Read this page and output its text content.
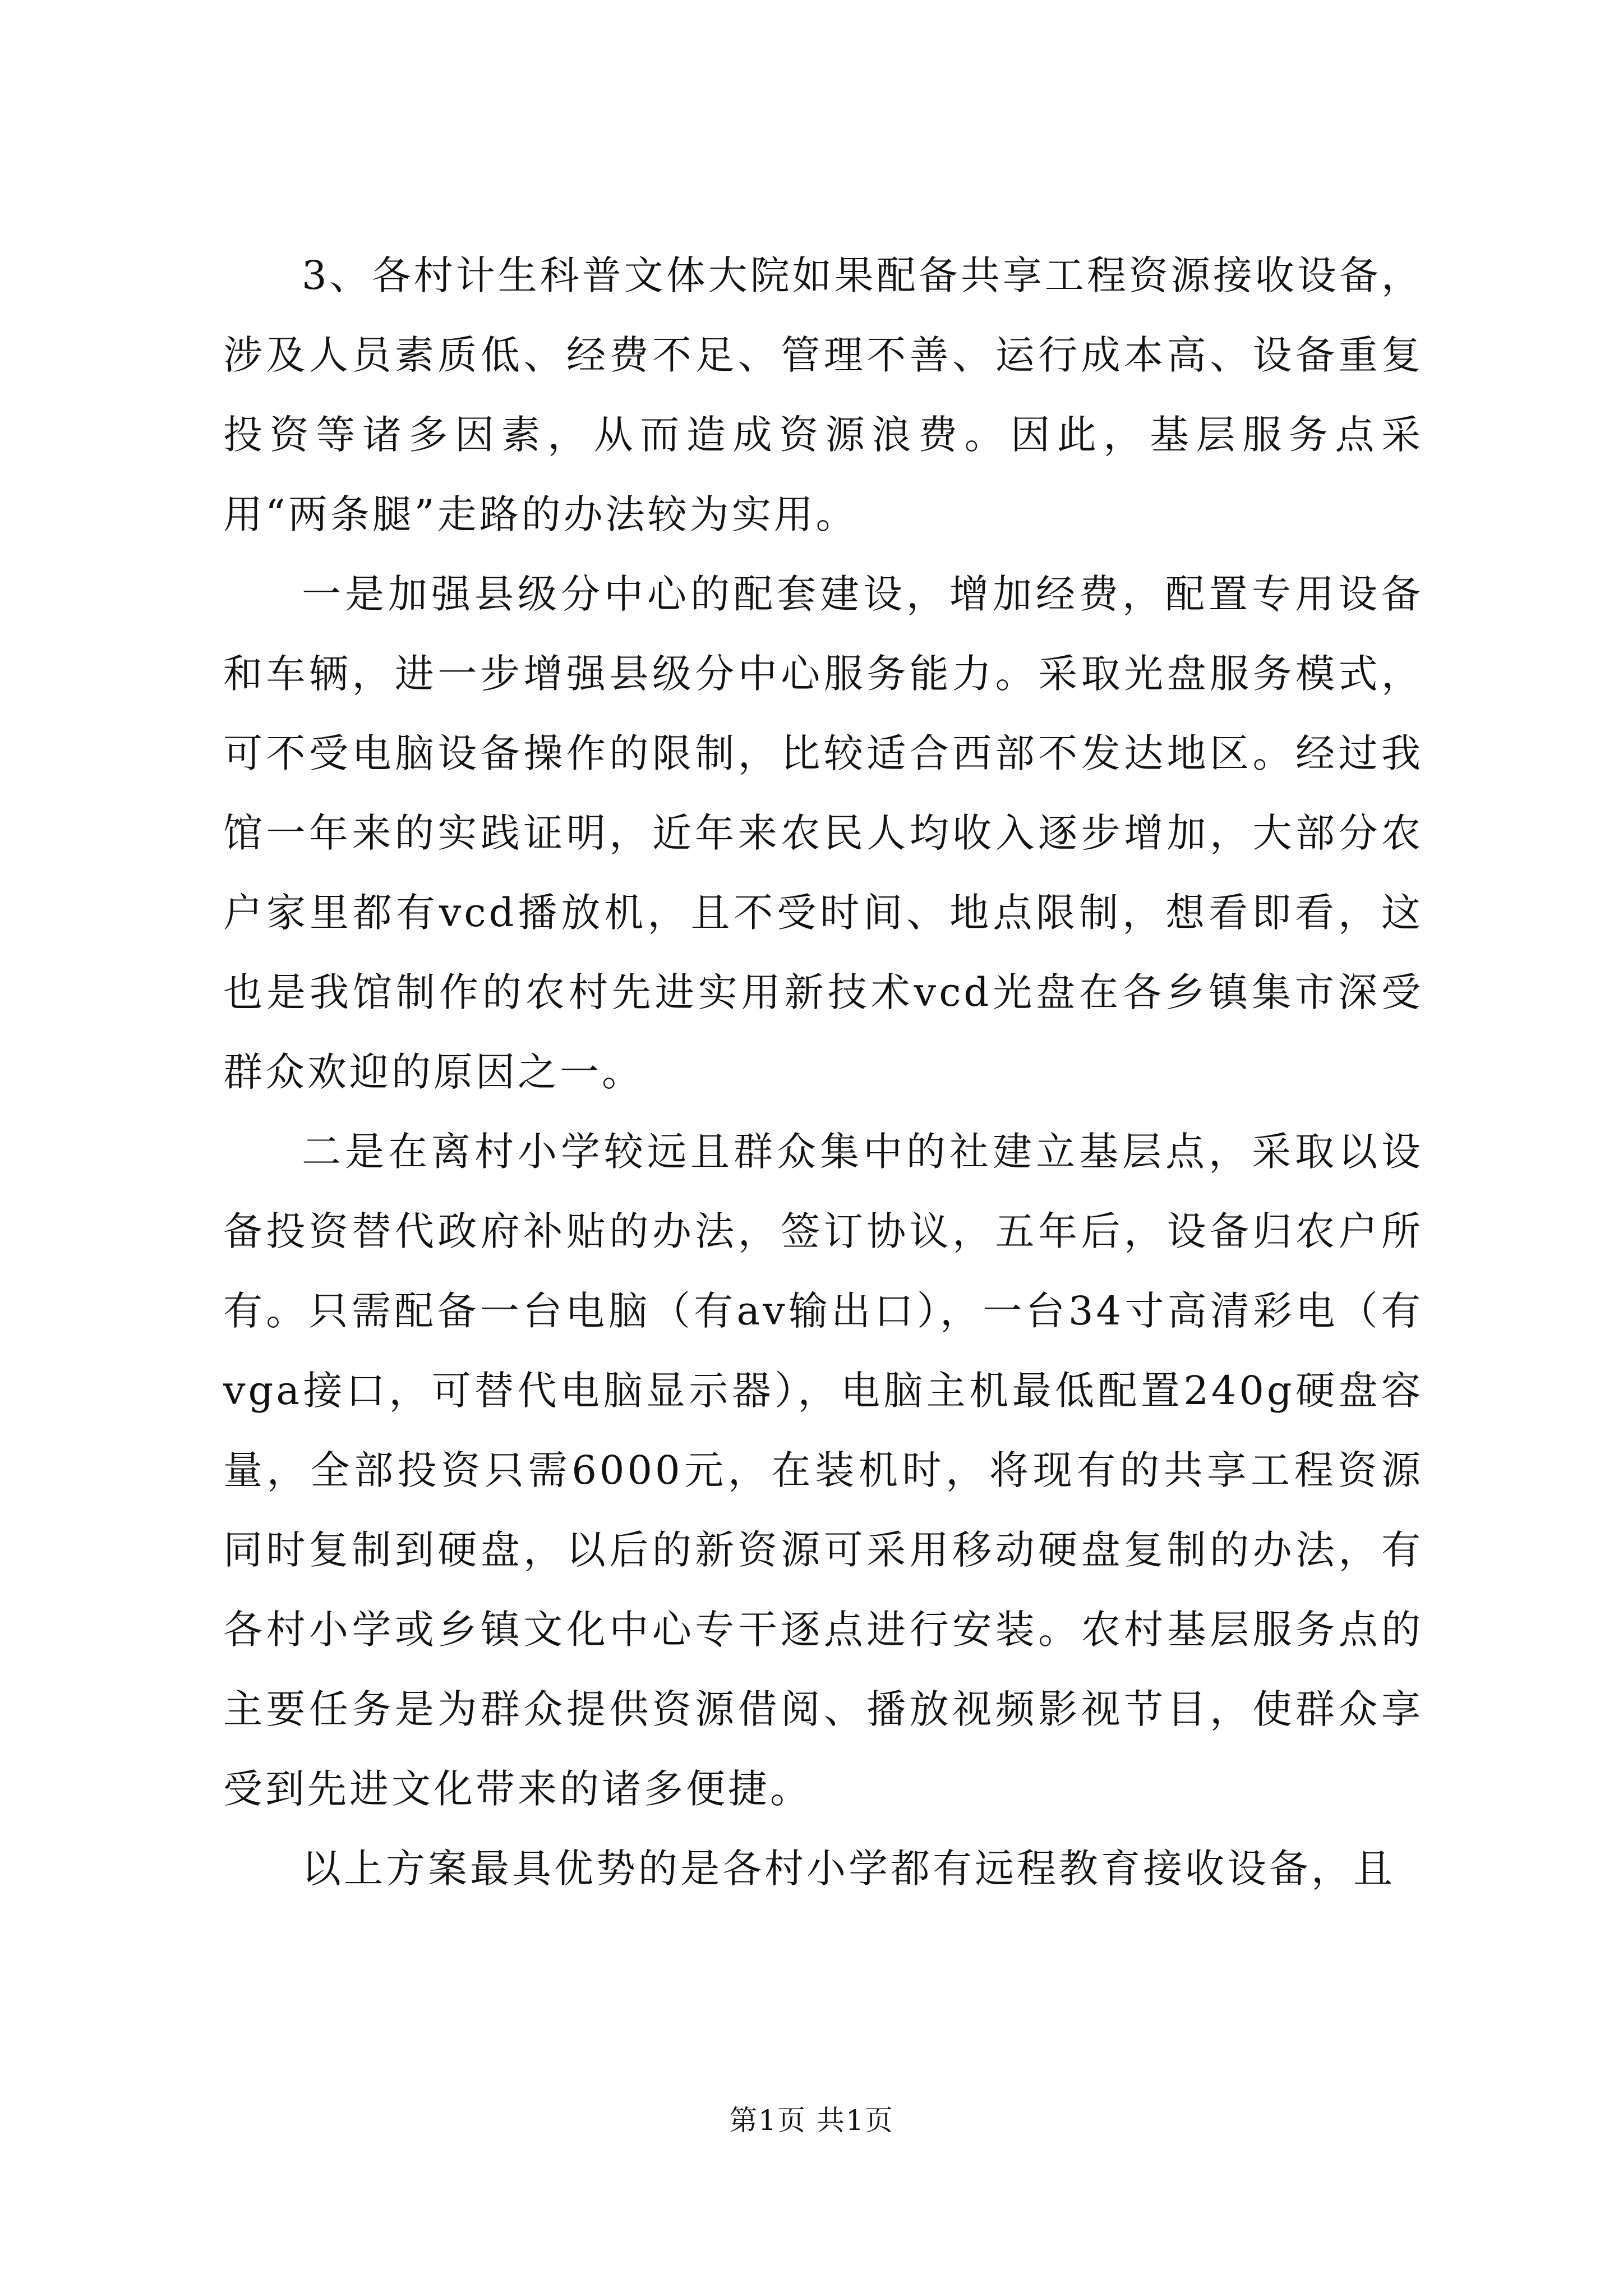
3、各村计生科普文体大院如果配备共享工程资源接收设备，涉及人员素质低、经费不足、管理不善、运行成本高、设备重复投资等诸多因素，从而造成资源浪费。因此，基层服务点采用“两条腿”走路的办法较为实用。

一是加强县级分中心的配套建设，增加经费，配置专用设备和车辆，进一步增强县级分中心服务能力。采取光盘服务模式，可不受电脑设备操作的限制，比较适合西部不发达地区。经过我馆一年来的实践证明，近年来农民人均收入逐步增加，大部分农户家里都有vcd播放机，且不受时间、地点限制，想看即看，这也是我馆制作的农村先进实用新技术vcd光盘在各乡镇集市深受群众欢迎的原因之一。

二是在离村小学较远且群众集中的社建立基层点，采取以设备投资替代政府补贴的办法，签订协议，五年后，设备归农户所有。只需配备一台电脑（有av输出口），一台34寸高清彩电（有vga接口，可替代电脑显示器），电脑主机最低配置240g硬盘容量，全部投资只需6000元，在装机时，将现有的共享工程资源同时复制到硬盘，以后的新资源可采用移动硬盘复制的办法，有各村小学或乡镇文化中心专干逐点进行安装。农村基层服务点的主要任务是为群众提供资源借阅、播放视频影视节目，使群众享受到先进文化带来的诸多便捷。

以上方案最具优势的是各村小学都有远程教育接收设备，且

第1页 共1页
